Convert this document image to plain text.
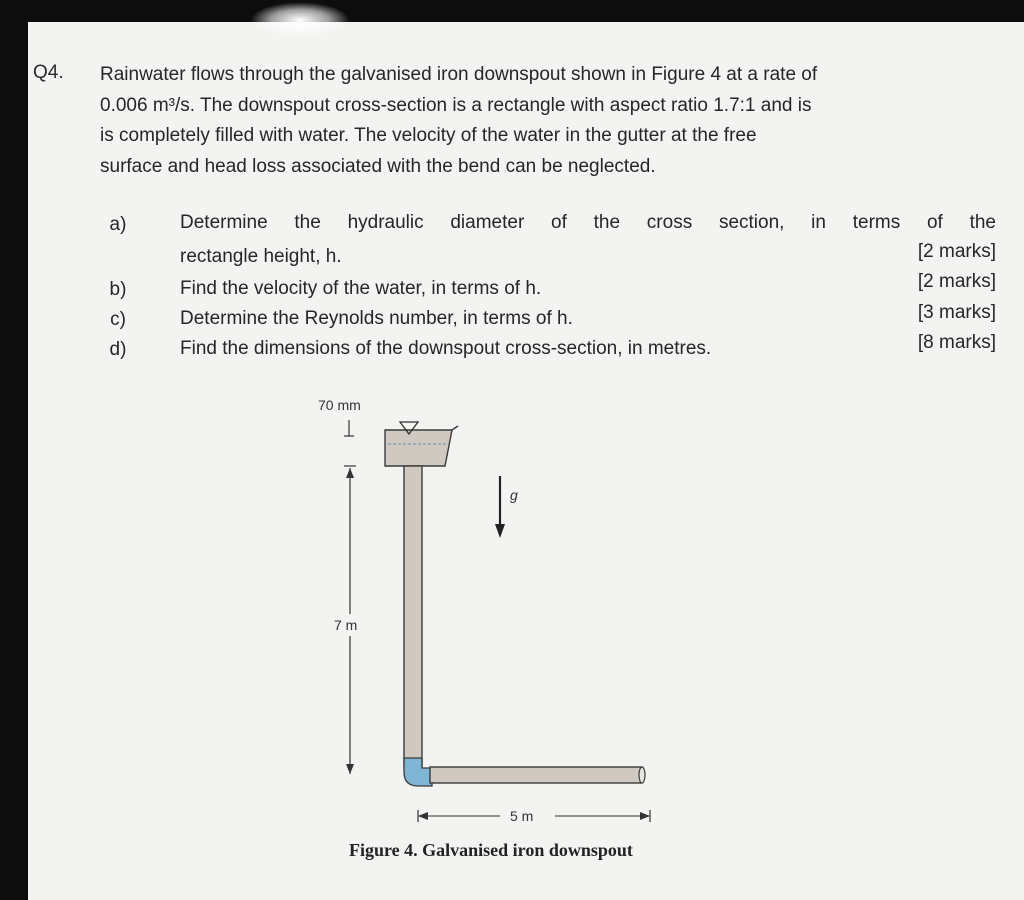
Q4. Rainwater flows through the galvanised iron downspout shown in Figure 4 at a rate of
0.006 m³/s. The downspout cross-section is a rectangle with aspect ratio 1.7:1 and is
is completely filled with water. The velocity of the water in the gutter at the free
surface and head loss associated with the bend can be neglected.
a)	Determine the hydraulic diameter of the cross section, in terms of the
rectangle height, h.	[2 marks]
b)	Find the velocity of the water, in terms of h.	[2 marks]
c)	Determine the Reynolds number, in terms of h.	[3 marks]
d)	Find the dimensions of the downspout cross-section, in metres.	[8 marks]
70 mm
7 m
g
5 m
Figure 4. Galvanised iron downspout
